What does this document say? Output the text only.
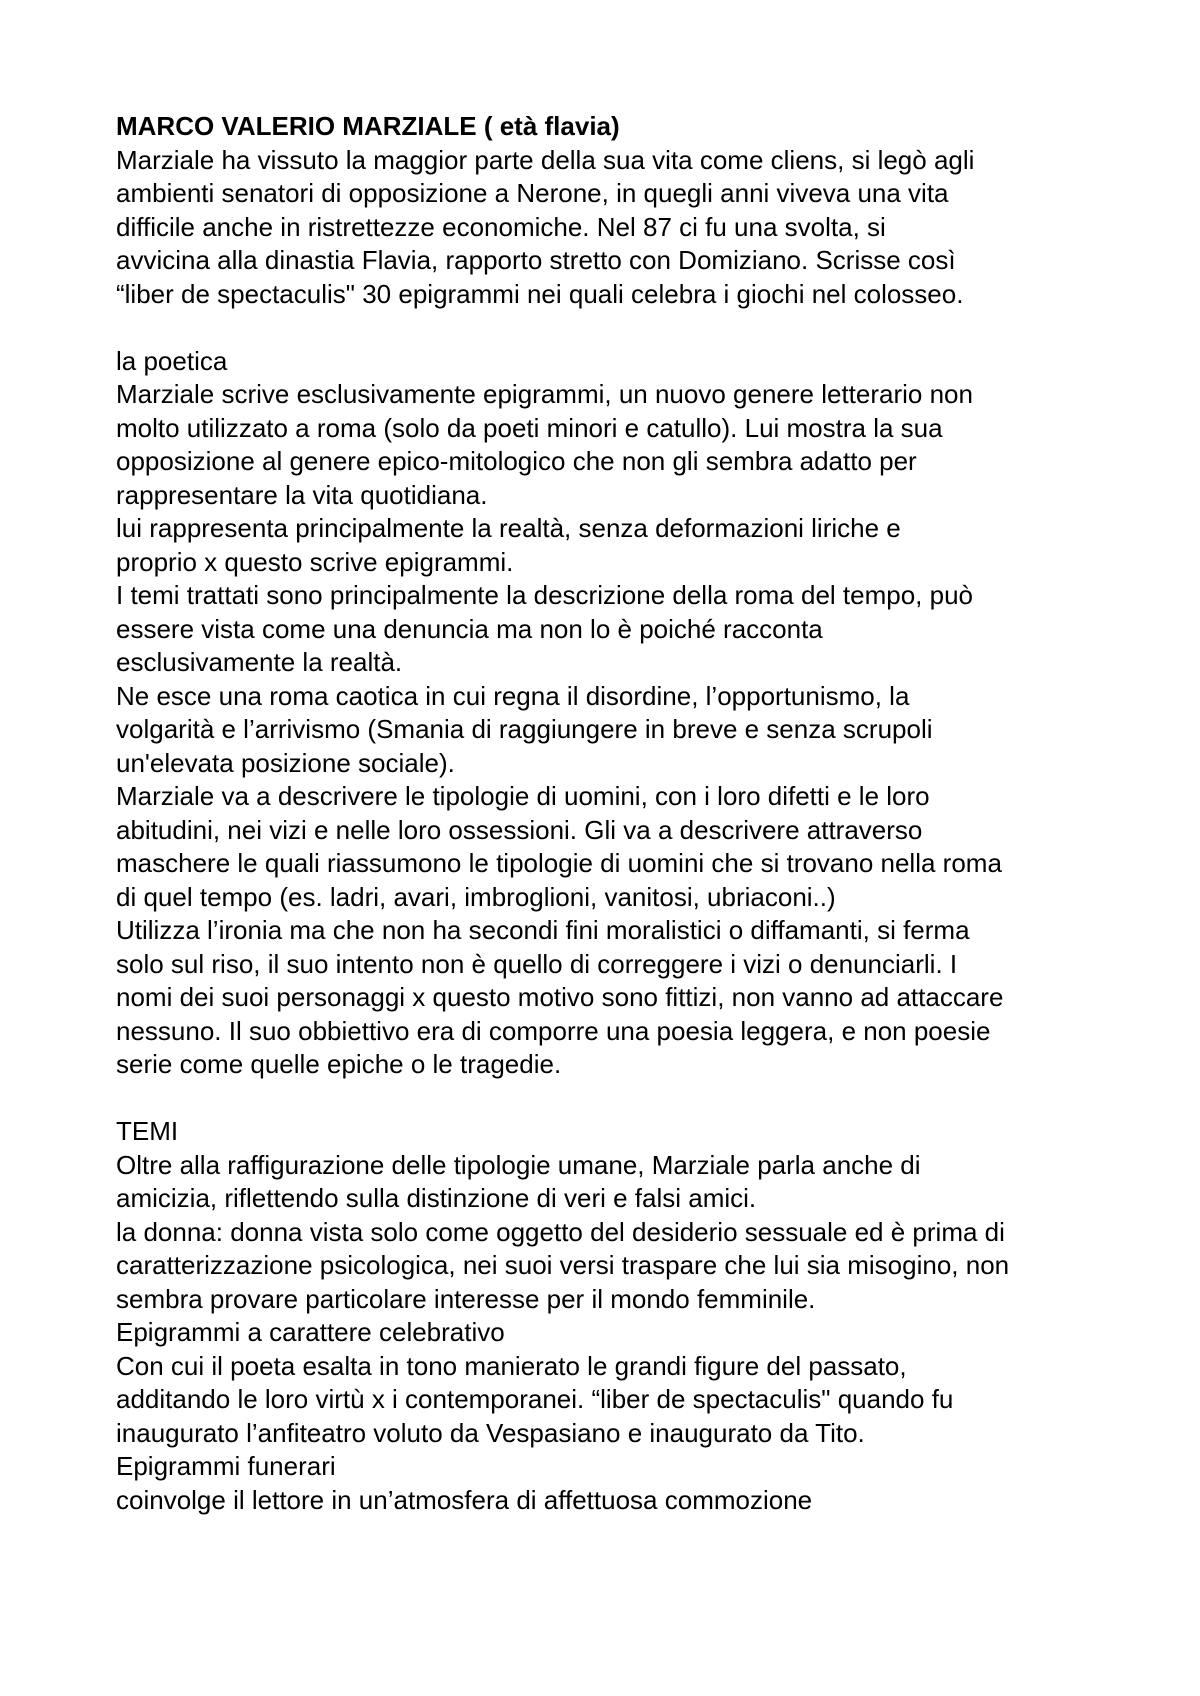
MARCO VALERIO MARZIALE ( età flavia)
Marziale ha vissuto la maggior parte della sua vita come cliens, si legò agli
ambienti senatori di opposizione a Nerone, in quegli anni viveva una vita
difficile anche in ristrettezze economiche. Nel 87 ci fu una svolta, si
avvicina alla dinastia Flavia, rapporto stretto con Domiziano. Scrisse così
“liber de spectaculis" 30 epigrammi nei quali celebra i giochi nel colosseo.
la poetica
Marziale scrive esclusivamente epigrammi, un nuovo genere letterario non
molto utilizzato a roma (solo da poeti minori e catullo). Lui mostra la sua
opposizione al genere epico-mitologico che non gli sembra adatto per
rappresentare la vita quotidiana.
lui rappresenta principalmente la realtà, senza deformazioni liriche e
proprio x questo scrive epigrammi.
I temi trattati sono principalmente la descrizione della roma del tempo, può
essere vista come una denuncia ma non lo è poiché racconta
esclusivamente la realtà.
Ne esce una roma caotica in cui regna il disordine, l’opportunismo, la
volgarità e l’arrivismo (Smania di raggiungere in breve e senza scrupoli
un'elevata posizione sociale).
Marziale va a descrivere le tipologie di uomini, con i loro difetti e le loro
abitudini, nei vizi e nelle loro ossessioni. Gli va a descrivere attraverso
maschere le quali riassumono le tipologie di uomini che si trovano nella roma
di quel tempo (es. ladri, avari, imbroglioni, vanitosi, ubriaconi..)
Utilizza l’ironia ma che non ha secondi fini moralistici o diffamanti, si ferma
solo sul riso, il suo intento non è quello di correggere i vizi o denunciarli. I
nomi dei suoi personaggi x questo motivo sono fittizi, non vanno ad attaccare
nessuno. Il suo obbiettivo era di comporre una poesia leggera, e non poesie
serie come quelle epiche o le tragedie.
TEMI
Oltre alla raffigurazione delle tipologie umane, Marziale parla anche di
amicizia, riflettendo sulla distinzione di veri e falsi amici.
la donna: donna vista solo come oggetto del desiderio sessuale ed è prima di
caratterizzazione psicologica, nei suoi versi traspare che lui sia misogino, non
sembra provare particolare interesse per il mondo femminile.
Epigrammi a carattere celebrativo
Con cui il poeta esalta in tono manierato le grandi figure del passato,
additando le loro virtù x i contemporanei. “liber de spectaculis" quando fu
inaugurato l’anfiteatro voluto da Vespasiano e inaugurato da Tito.
Epigrammi funerari
coinvolge il lettore in un’atmosfera di affettuosa commozione
